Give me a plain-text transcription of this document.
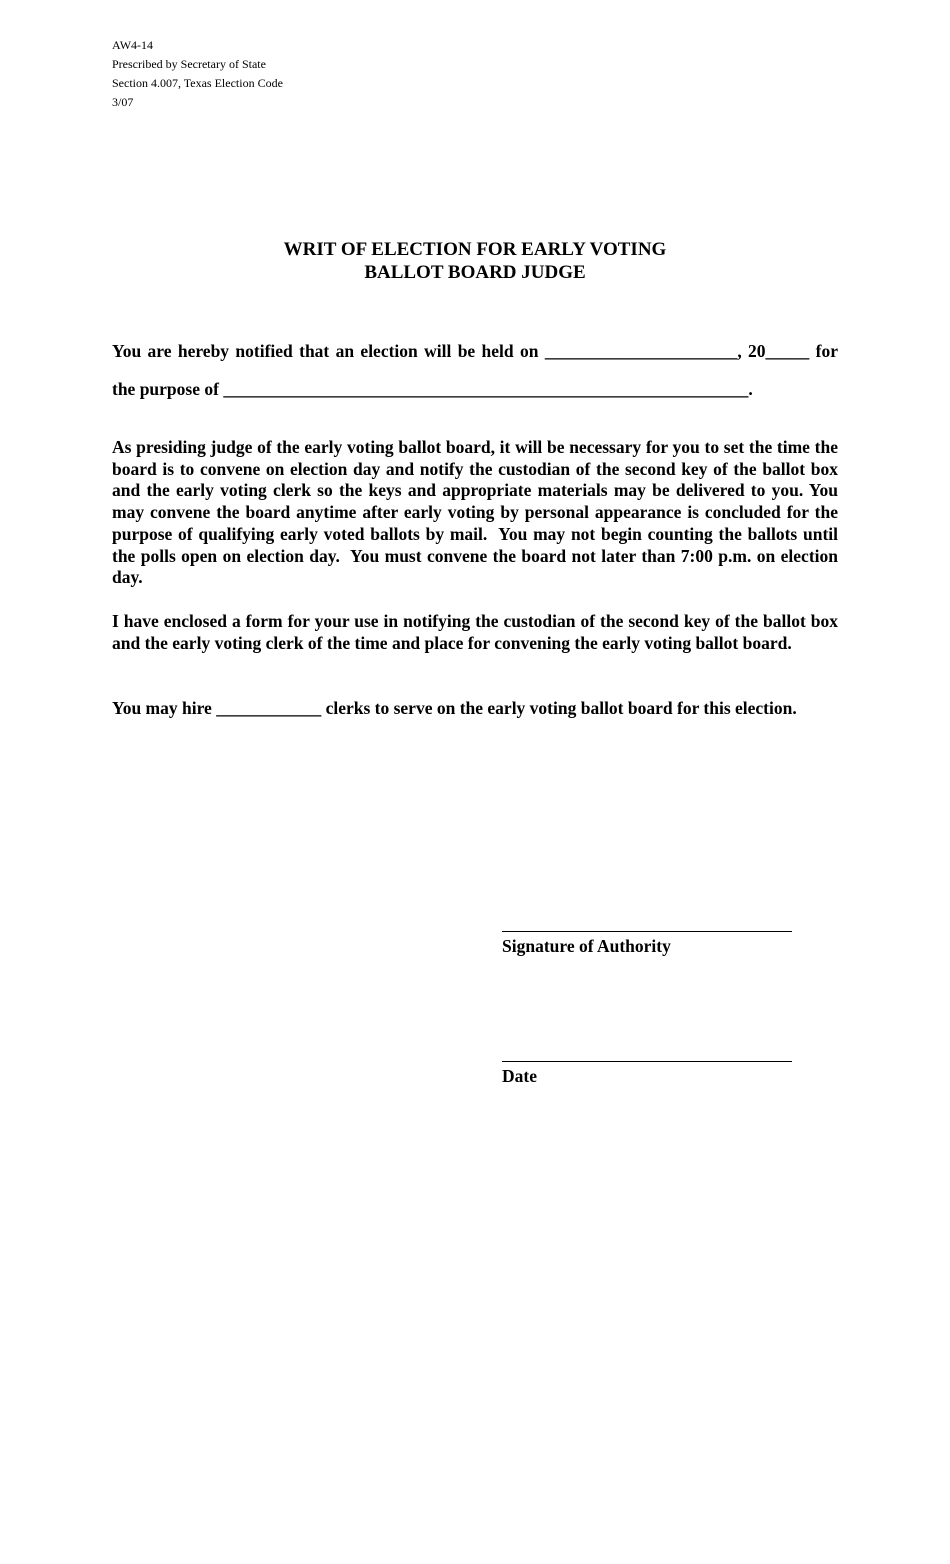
AW4-14
Prescribed by Secretary of State
Section 4.007, Texas Election Code
3/07
WRIT OF ELECTION FOR EARLY VOTING
BALLOT BOARD JUDGE
You are hereby notified that an election will be held on ______________________, 20_____ for
the purpose of ____________________________________________________________.
As presiding judge of the early voting ballot board, it will be necessary for you to set the time the board is to convene on election day and notify the custodian of the second key of the ballot box and the early voting clerk so the keys and appropriate materials may be delivered to you. You may convene the board anytime after early voting by personal appearance is concluded for the purpose of qualifying early voted ballots by mail.  You may not begin counting the ballots until the polls open on election day.  You must convene the board not later than 7:00 p.m. on election day.
I have enclosed a form for your use in notifying the custodian of the second key of the ballot box and the early voting clerk of the time and place for convening the early voting ballot board.
You may hire ____________ clerks to serve on the early voting ballot board for this election.
Signature of Authority
Date
